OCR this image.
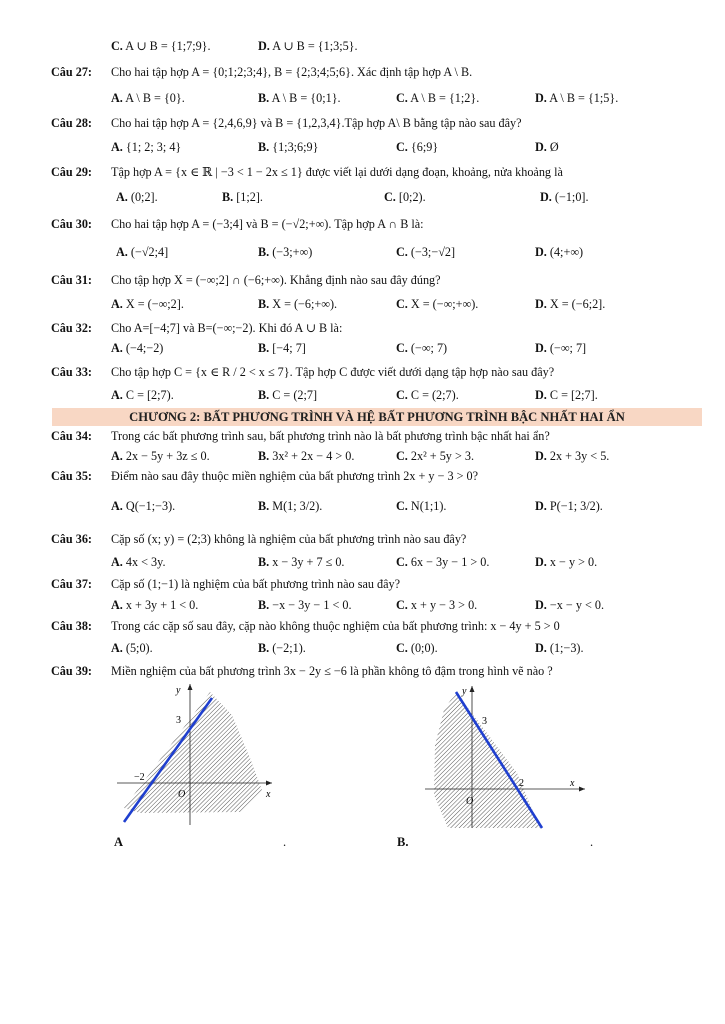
C. A ∪ B = {1;7;9}.	D. A ∪ B = {1;3;5}.
Câu 27: Cho hai tập hợp A = {0;1;2;3;4}, B = {2;3;4;5;6}. Xác định tập hợp A \ B.
A. A \ B = {0}.	B. A \ B = {0;1}.	C. A \ B = {1;2}.	D. A \ B = {1;5}.
Câu 28: Cho hai tập hợp A = {2,4,6,9} và B = {1,2,3,4}.Tập hợp A\ B bằng tập nào sau đây?
A. {1; 2; 3; 4}	B. {1;3;6;9}	C. {6;9}	D. Ø
Câu 29: Tập hợp A = {x ∈ ℝ | −3 < 1 − 2x ≤ 1} được viết lại dưới dạng đoạn, khoảng, nửa khoảng là
A. (0;2].	B. [1;2].	C. [0;2).	D. (−1;0].
Câu 30: Cho hai tập hợp A = (−3;4] và B = (−√2;+∞). Tập hợp A ∩ B là:
A. (−√2;4]	B. (−3;+∞)	C. (−3;−√2]	D. (4;+∞)
Câu 31: Cho tập hợp X = (−∞;2] ∩ (−6;+∞). Khẳng định nào sau đây đúng?
A. X = (−∞;2].	B. X = (−6;+∞).	C. X = (−∞;+∞).	D. X = (−6;2].
Câu 32: Cho A=[−4;7] và B=(−∞;−2). Khi đó A ∪ B là:
A. (−4;−2)	B. [−4; 7]	C. (−∞; 7)	D. (−∞; 7]
Câu 33: Cho tập hợp C = {x ∈ R / 2 < x ≤ 7}. Tập hợp C được viết dưới dạng tập hợp nào sau đây?
A. C = [2;7).	B. C = (2;7]	C. C = (2;7).	D. C = [2;7].
CHƯƠNG 2: BẤT PHƯƠNG TRÌNH VÀ HỆ BẤT PHƯƠNG TRÌNH BẬC NHẤT HAI ẨN
Câu 34: Trong các bất phương trình sau, bất phương trình nào là bất phương trình bậc nhất hai ẩn?
A. 2x − 5y + 3z ≤ 0.	B. 3x² + 2x − 4 > 0.	C. 2x² + 5y > 3.	D. 2x + 3y < 5.
Câu 35: Điểm nào sau đây thuộc miền nghiệm của bất phương trình 2x + y − 3 > 0?
A. Q(−1;−3).	B. M(1; 3/2).	C. N(1;1).	D. P(−1; 3/2).
Câu 36: Cặp số (x; y) = (2;3) không là nghiệm của bất phương trình nào sau đây?
A. 4x < 3y.	B. x − 3y + 7 ≤ 0.	C. 6x − 3y − 1 > 0.	D. x − y > 0.
Câu 37: Cặp số (1;−1) là nghiệm của bất phương trình nào sau đây?
A. x + 3y + 1 < 0.	B. −x − 3y − 1 < 0.	C. x + y − 3 > 0.	D. −x − y < 0.
Câu 38: Trong các cặp số sau đây, cặp nào không thuộc nghiệm của bất phương trình: x − 4y + 5 > 0
A. (5;0).	B. (−2;1).	C. (0;0).	D. (1;−3).
Câu 39: Miền nghiệm của bất phương trình 3x − 2y ≤ −6 là phần không tô đậm trong hình vẽ nào ?
y
3
−2
O	x
A	.
y
3
2
O
x
B.	.
